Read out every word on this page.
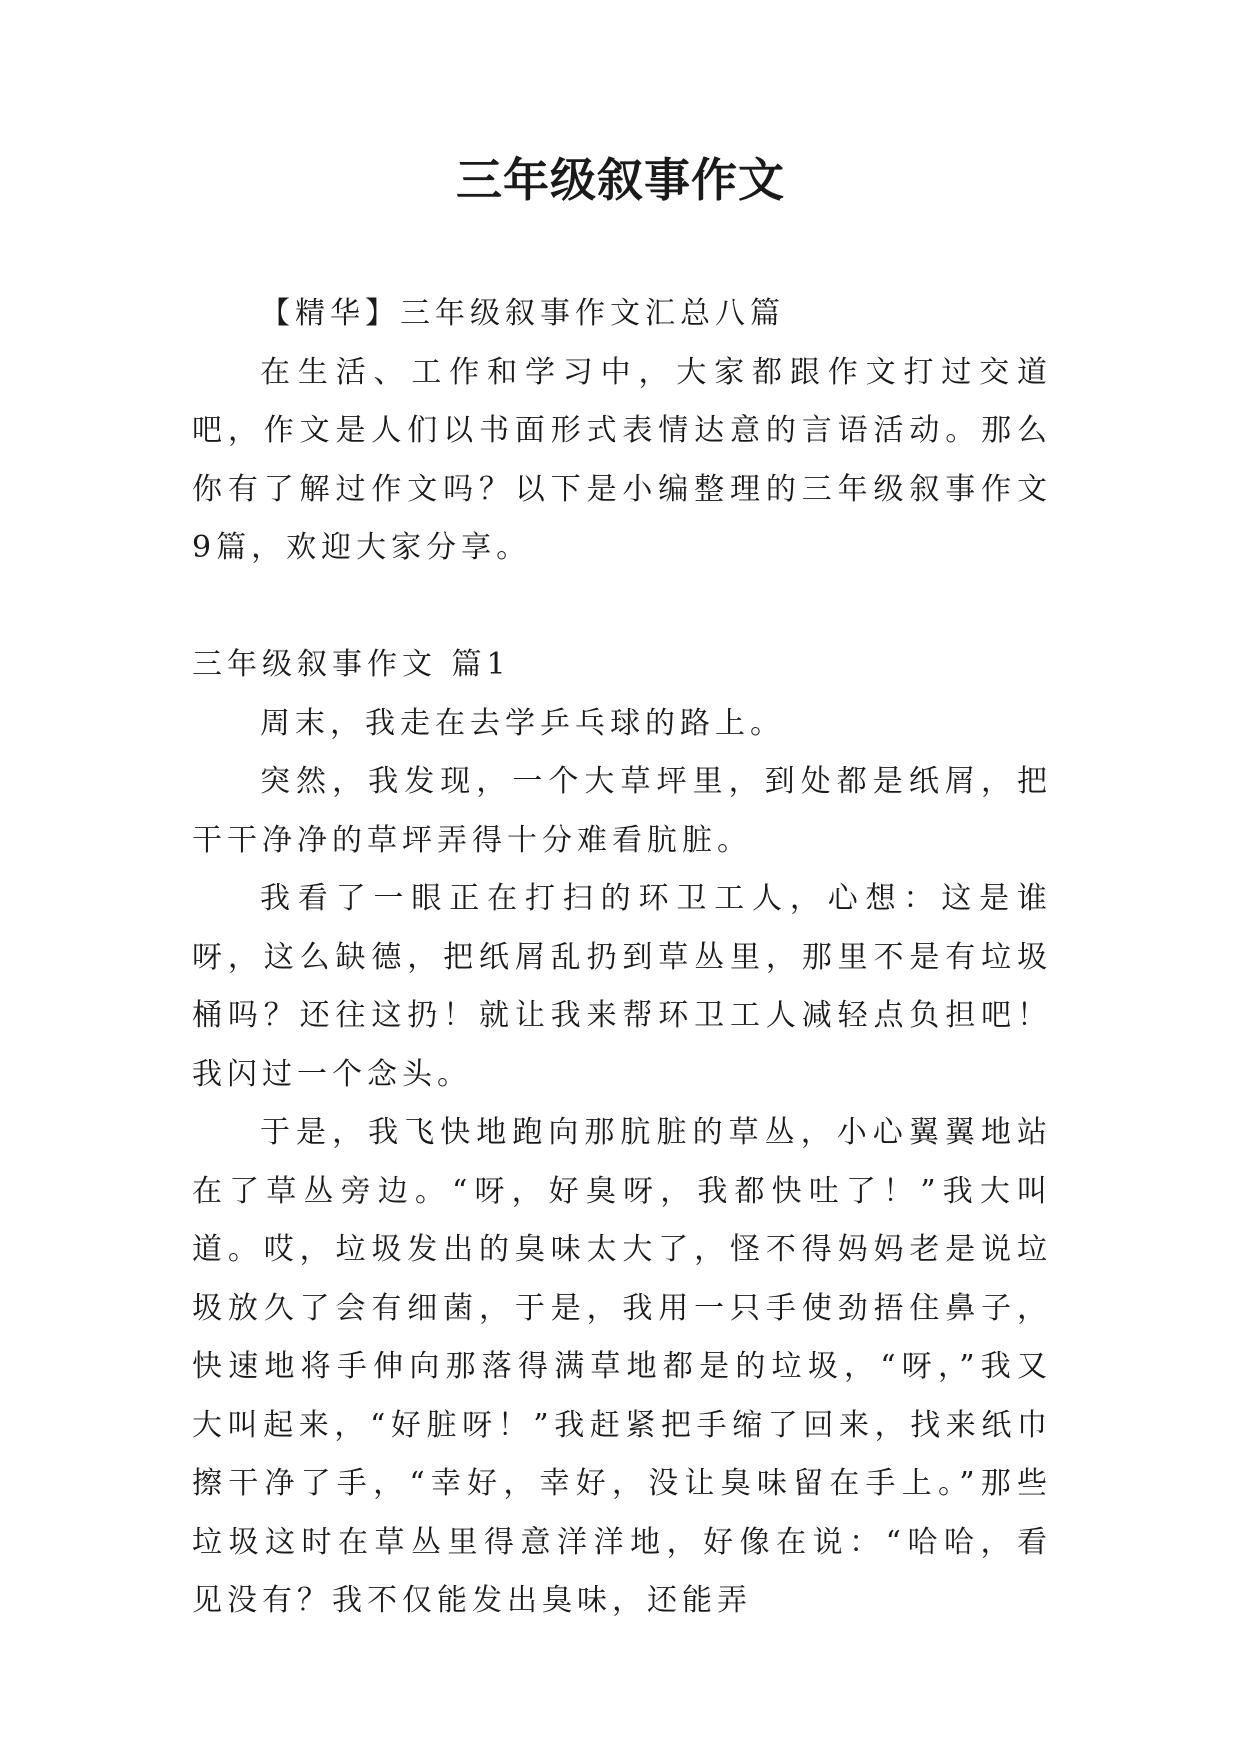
三年级叙事作文

【精华】三年级叙事作文汇总八篇

在生活、工作和学习中，大家都跟作文打过交道吧，作文是人们以书面形式表情达意的言语活动。那么你有了解过作文吗？以下是小编整理的三年级叙事作文9篇，欢迎大家分享。

三年级叙事作文 篇1

周末，我走在去学乒乓球的路上。

突然，我发现，一个大草坪里，到处都是纸屑，把干干净净的草坪弄得十分难看肮脏。

我看了一眼正在打扫的环卫工人，心想：这是谁呀，这么缺德，把纸屑乱扔到草丛里，那里不是有垃圾桶吗？还往这扔！就让我来帮环卫工人减轻点负担吧！我闪过一个念头。

于是，我飞快地跑向那肮脏的草丛，小心翼翼地站在了草丛旁边。“呀，好臭呀，我都快吐了！”我大叫道。哎，垃圾发出的臭味太大了，怪不得妈妈老是说垃圾放久了会有细菌，于是，我用一只手使劲捂住鼻子，快速地将手伸向那落得满草地都是的垃圾，“呀，”我又大叫起来，“好脏呀！”我赶紧把手缩了回来，找来纸巾擦干净了手，“幸好，幸好，没让臭味留在手上。”那些垃圾这时在草丛里得意洋洋地，好像在说：“哈哈，看见没有？我不仅能发出臭味，还能弄
